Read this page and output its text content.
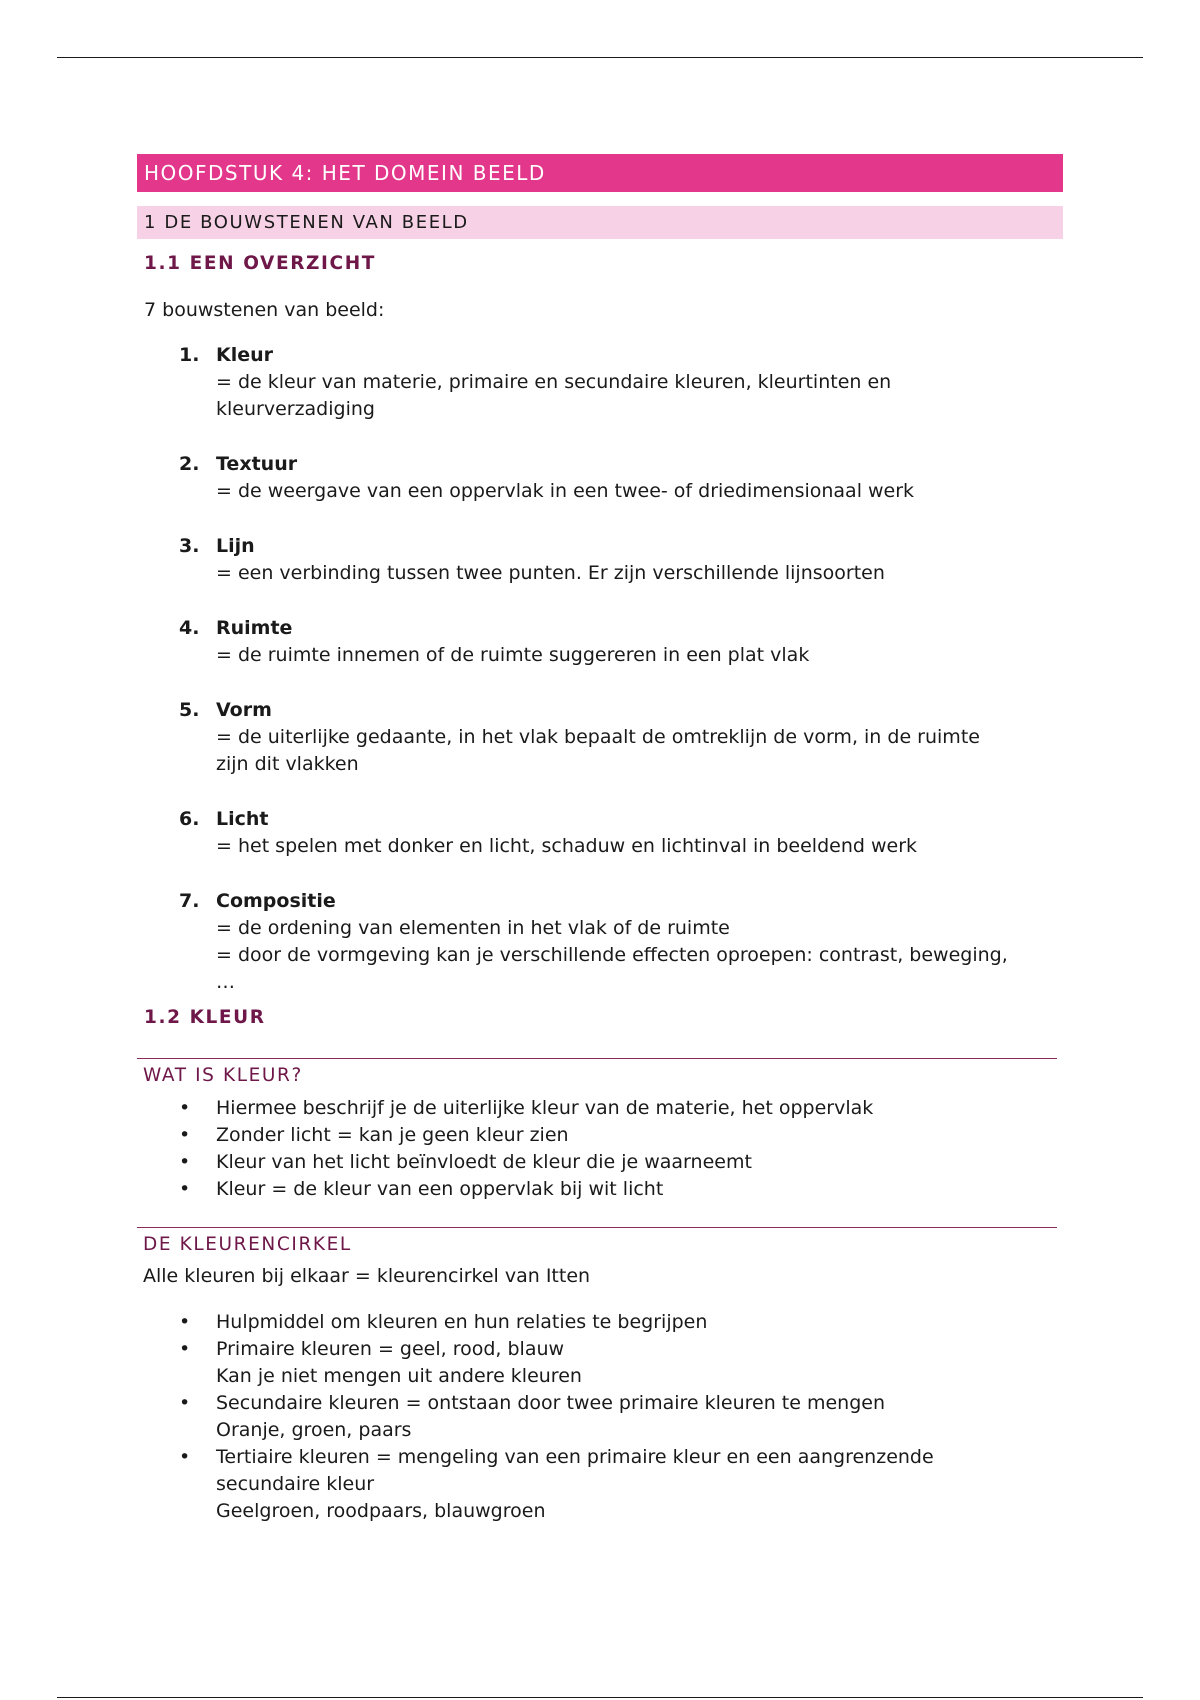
HOOFDSTUK 4: HET DOMEIN BEELD
1 DE BOUWSTENEN VAN BEELD
1.1 EEN OVERZICHT
7 bouwstenen van beeld:
1. Kleur
= de kleur van materie, primaire en secundaire kleuren, kleurtinten en
kleurverzadiging
2. Textuur
= de weergave van een oppervlak in een twee- of driedimensionaal werk
3. Lijn
= een verbinding tussen twee punten. Er zijn verschillende lijnsoorten
4. Ruimte
= de ruimte innemen of de ruimte suggereren in een plat vlak
5. Vorm
= de uiterlijke gedaante, in het vlak bepaalt de omtreklijn de vorm, in de ruimte
zijn dit vlakken
6. Licht
= het spelen met donker en licht, schaduw en lichtinval in beeldend werk
7. Compositie
= de ordening van elementen in het vlak of de ruimte
= door de vormgeving kan je verschillende effecten oproepen: contrast, beweging,
…
1.2 KLEUR
WAT IS KLEUR?
• Hiermee beschrijf je de uiterlijke kleur van de materie, het oppervlak
• Zonder licht = kan je geen kleur zien
• Kleur van het licht beïnvloedt de kleur die je waarneemt
• Kleur = de kleur van een oppervlak bij wit licht
DE KLEURENCIRKEL
Alle kleuren bij elkaar = kleurencirkel van Itten
• Hulpmiddel om kleuren en hun relaties te begrijpen
• Primaire kleuren = geel, rood, blauw
Kan je niet mengen uit andere kleuren
• Secundaire kleuren = ontstaan door twee primaire kleuren te mengen
Oranje, groen, paars
• Tertiaire kleuren = mengeling van een primaire kleur en een aangrenzende
secundaire kleur
Geelgroen, roodpaars, blauwgroen
